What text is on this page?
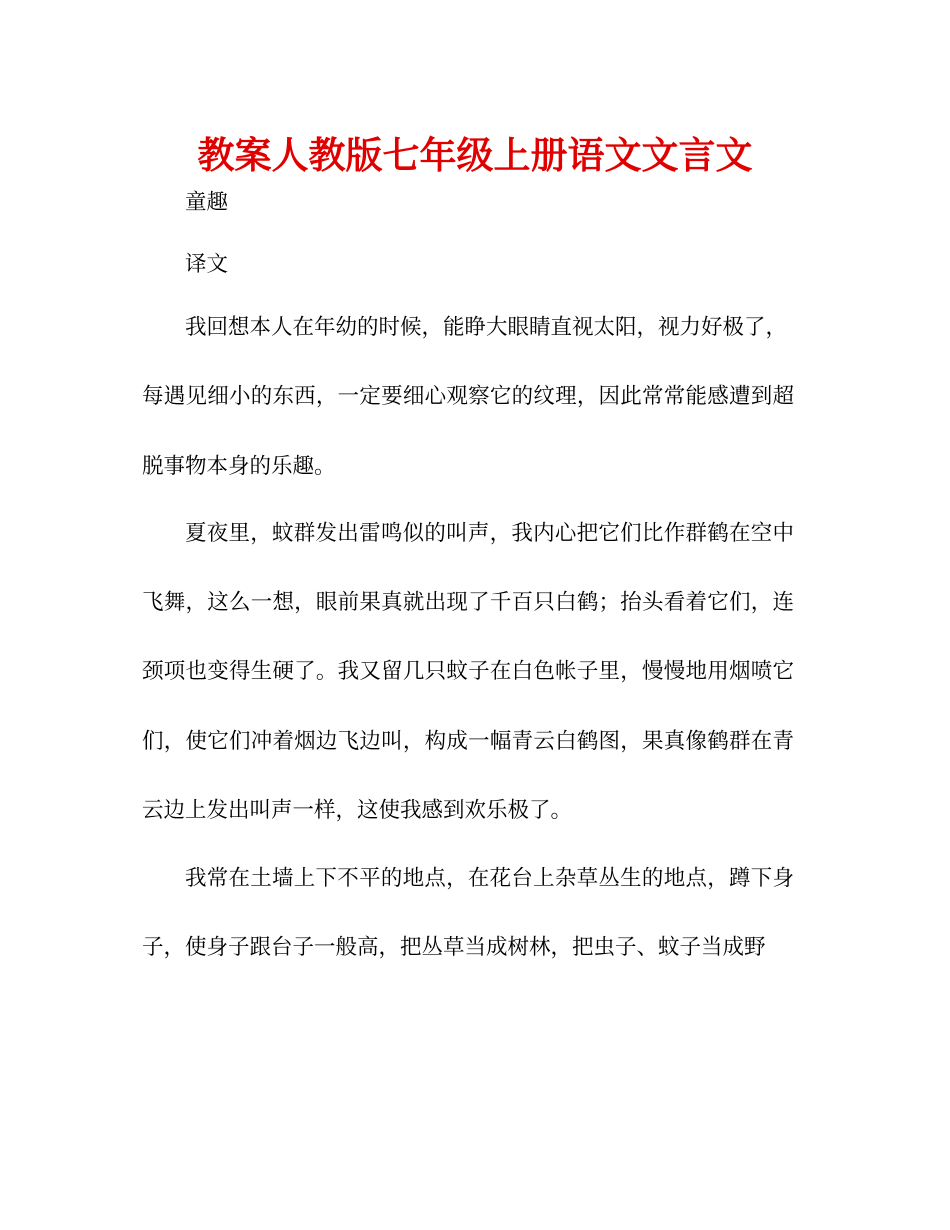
教案人教版七年级上册语文文言文
童趣
译文
我回想本人在年幼的时候，能睁大眼睛直视太阳，视力好极了，
每遇见细小的东西，一定要细心观察它的纹理，因此常常能感遭到超
脱事物本身的乐趣。
夏夜里，蚊群发出雷鸣似的叫声，我内心把它们比作群鹤在空中
飞舞，这么一想，眼前果真就出现了千百只白鹤；抬头看着它们，连
颈项也变得生硬了。我又留几只蚊子在白色帐子里，慢慢地用烟喷它
们，使它们冲着烟边飞边叫，构成一幅青云白鹤图，果真像鹤群在青
云边上发出叫声一样，这使我感到欢乐极了。
我常在土墙上下不平的地点，在花台上杂草丛生的地点，蹲下身
子，使身子跟台子一般高，把丛草当成树林，把虫子、蚊子当成野
